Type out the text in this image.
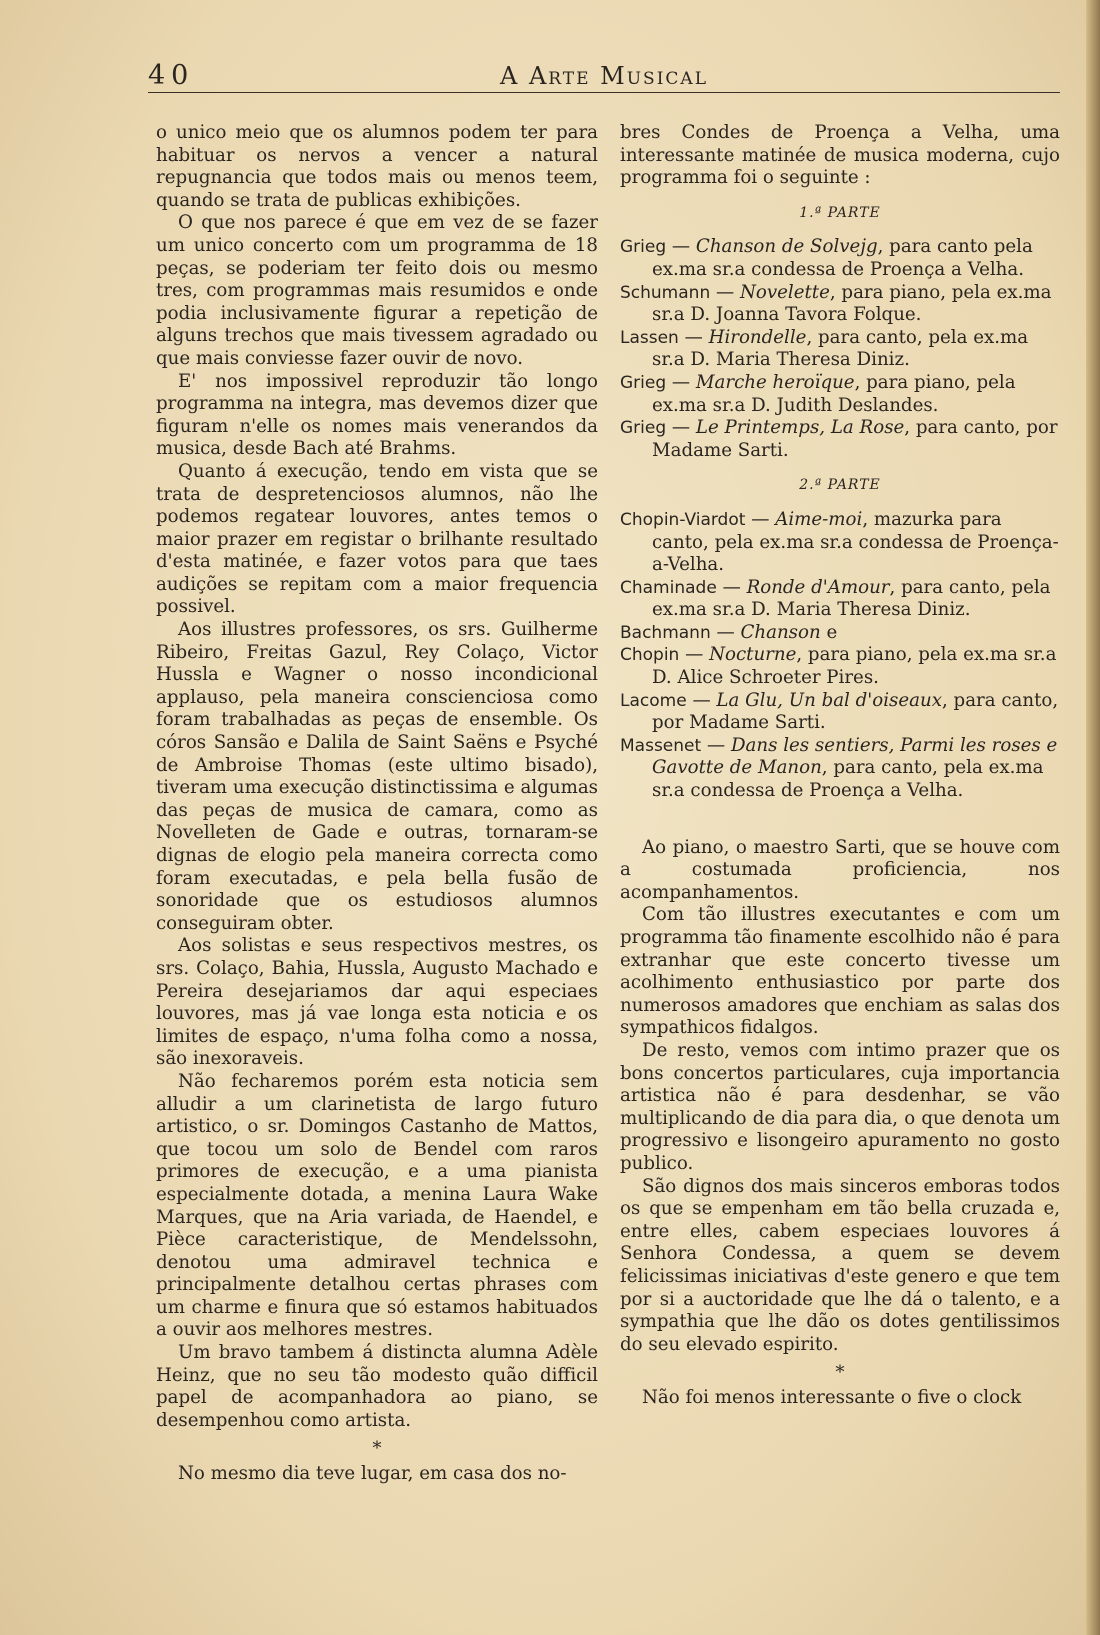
40	A Arte Musical

o unico meio que os alumnos podem ter para habituar os nervos a vencer a natural repugnancia que todos mais ou menos teem, quando se trata de publicas exhibições.

O que nos parece é que em vez de se fazer um unico concerto com um programma de 18 peças, se poderiam ter feito dois ou mesmo tres, com programmas mais resumidos e onde podia inclusivamente figurar a repetição de alguns trechos que mais tivessem agradado ou que mais conviesse fazer ouvir de novo.

E' nos impossivel reproduzir tão longo programma na integra, mas devemos dizer que figuram n'elle os nomes mais venerandos da musica, desde Bach até Brahms.

Quanto á execução, tendo em vista que se trata de despretenciosos alumnos, não lhe podemos regatear louvores, antes temos o maior prazer em registar o brilhante resultado d'esta matinée, e fazer votos para que taes audições se repitam com a maior frequencia possivel.

Aos illustres professores, os srs. Guilherme Ribeiro, Freitas Gazul, Rey Colaço, Victor Hussla e Wagner o nosso incondicional applauso, pela maneira conscienciosa como foram trabalhadas as peças de ensemble. Os córos Sansão e Dalila de Saint Saëns e Psyché de Ambroise Thomas (este ultimo bisado), tiveram uma execução distinctissima e algumas das peças de musica de camara, como as Novelleten de Gade e outras, tornaram-se dignas de elogio pela maneira correcta como foram executadas, e pela bella fusão de sonoridade que os estudiosos alumnos conseguiram obter.

Aos solistas e seus respectivos mestres, os srs. Colaço, Bahia, Hussla, Augusto Machado e Pereira desejariamos dar aqui especiaes louvores, mas já vae longa esta noticia e os limites de espaço, n'uma folha como a nossa, são inexoraveis.

Não fecharemos porém esta noticia sem alludir a um clarinetista de largo futuro artistico, o sr. Domingos Castanho de Mattos, que tocou um solo de Bendel com raros primores de execução, e a uma pianista especialmente dotada, a menina Laura Wake Marques, que na Aria variada, de Haendel, e Pièce caracteristique, de Mendelssohn, denotou uma admiravel technica e principalmente detalhou certas phrases com um charme e finura que só estamos habituados a ouvir aos melhores mestres.

Um bravo tambem á distincta alumna Adèle Heinz, que no seu tão modesto quão difficil papel de acompanhadora ao piano, se desempenhou como artista.

*

No mesmo dia teve lugar, em casa dos no-

bres Condes de Proença a Velha, uma interessante matinée de musica moderna, cujo programma foi o seguinte :

1.ª PARTE

Grieg — Chanson de Solvejg, para canto pela ex.ma sr.a condessa de Proença a Velha.

Schumann — Novelette, para piano, pela ex.ma sr.a D. Joanna Tavora Folque.

Lassen — Hirondelle, para canto, pela ex.ma sr.a D. Maria Theresa Diniz.

Grieg — Marche heroïque, para piano, pela ex.ma sr.a D. Judith Deslandes.

Grieg — Le Printemps, La Rose, para canto, por Madame Sarti.

2.ª PARTE

Chopin-Viardot — Aime-moi, mazurka para canto, pela ex.ma sr.a condessa de Proença-a-Velha.

Chaminade — Ronde d'Amour, para canto, pela ex.ma sr.a D. Maria Theresa Diniz.

Bachmann — Chanson e

Chopin — Nocturne, para piano, pela ex.ma sr.a D. Alice Schroeter Pires.

Lacome — La Glu, Un bal d'oiseaux, para canto, por Madame Sarti.

Massenet — Dans les sentiers, Parmi les roses e Gavotte de Manon, para canto, pela ex.ma sr.a condessa de Proença a Velha.

Ao piano, o maestro Sarti, que se houve com a costumada proficiencia, nos acompanhamentos.

Com tão illustres executantes e com um programma tão finamente escolhido não é para extranhar que este concerto tivesse um acolhimento enthusiastico por parte dos numerosos amadores que enchiam as salas dos sympathicos fidalgos.

De resto, vemos com intimo prazer que os bons concertos particulares, cuja importancia artistica não é para desdenhar, se vão multiplicando de dia para dia, o que denota um progressivo e lisongeiro apuramento no gosto publico.

São dignos dos mais sinceros emboras todos os que se empenham em tão bella cruzada e, entre elles, cabem especiaes louvores á Senhora Condessa, a quem se devem felicissimas iniciativas d'este genero e que tem por si a auctoridade que lhe dá o talento, e a sympathia que lhe dão os dotes gentilissimos do seu elevado espirito.

*

Não foi menos interessante o five o clock
